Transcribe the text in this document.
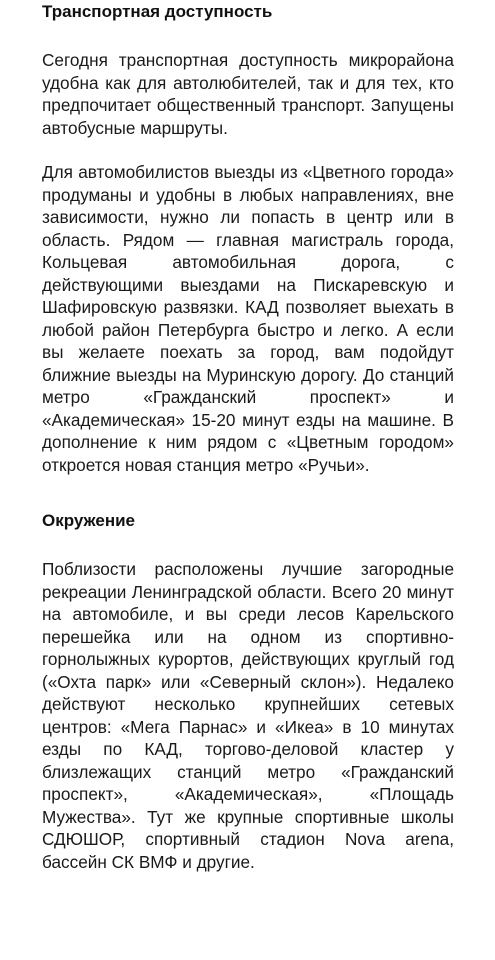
Транспортная доступность

Сегодня транспортная доступность микрорайона удобна как для автолюбителей, так и для тех, кто предпочитает общественный транспорт. Запущены автобусные маршруты.

Для автомобилистов выезды из «Цветного города» продуманы и удобны в любых направлениях, вне зависимости, нужно ли попасть в центр или в область. Рядом — главная магистраль города, Кольцевая автомобильная дорога, с действующими выездами на Пискаревскую и Шафировскую развязки. КАД позволяет выехать в любой район Петербурга быстро и легко. А если вы желаете поехать за город, вам подойдут ближние выезды на Муринскую дорогу. До станций метро «Гражданский проспект» и «Академическая» 15-20 минут езды на машине. В дополнение к ним рядом с «Цветным городом» откроется новая станция метро «Ручьи».

Окружение

Поблизости расположены лучшие загородные рекреации Ленинградской области. Всего 20 минут на автомобиле, и вы среди лесов Карельского перешейка или на одном из спортивно-горнолыжных курортов, действующих круглый год («Охта парк» или «Северный склон»). Недалеко действуют несколько крупнейших сетевых центров: «Мега Парнас» и «Икеа» в 10 минутах езды по КАД, торгово-деловой кластер у близлежащих станций метро «Гражданский проспект», «Академическая», «Площадь Мужества». Тут же крупные спортивные школы СДЮШОР, спортивный стадион Nova arena, бассейн СК ВМФ и другие.
